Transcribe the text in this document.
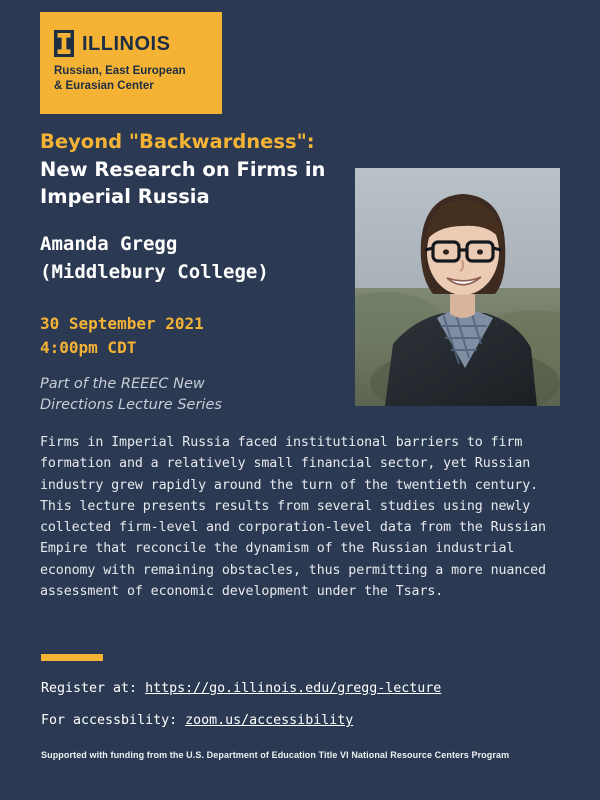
ILLINOIS
Russian, East European
& Eurasian Center
Beyond "Backwardness":
New Research on Firms in
Imperial Russia
Amanda Gregg
(Middlebury College)
30 September 2021
4:00pm CDT
Part of the REEEC New
Directions Lecture Series
Firms in Imperial Russia faced institutional barriers to firm formation and a relatively small financial sector, yet Russian industry grew rapidly around the turn of the twentieth century. This lecture presents results from several studies using newly collected firm-level and corporation-level data from the Russian Empire that reconcile the dynamism of the Russian industrial economy with remaining obstacles, thus permitting a more nuanced assessment of economic development under the Tsars.
Register at: https://go.illinois.edu/gregg-lecture
For accessbility: zoom.us/accessibility
Supported with funding from the U.S. Department of Education Title VI National Resource Centers Program
